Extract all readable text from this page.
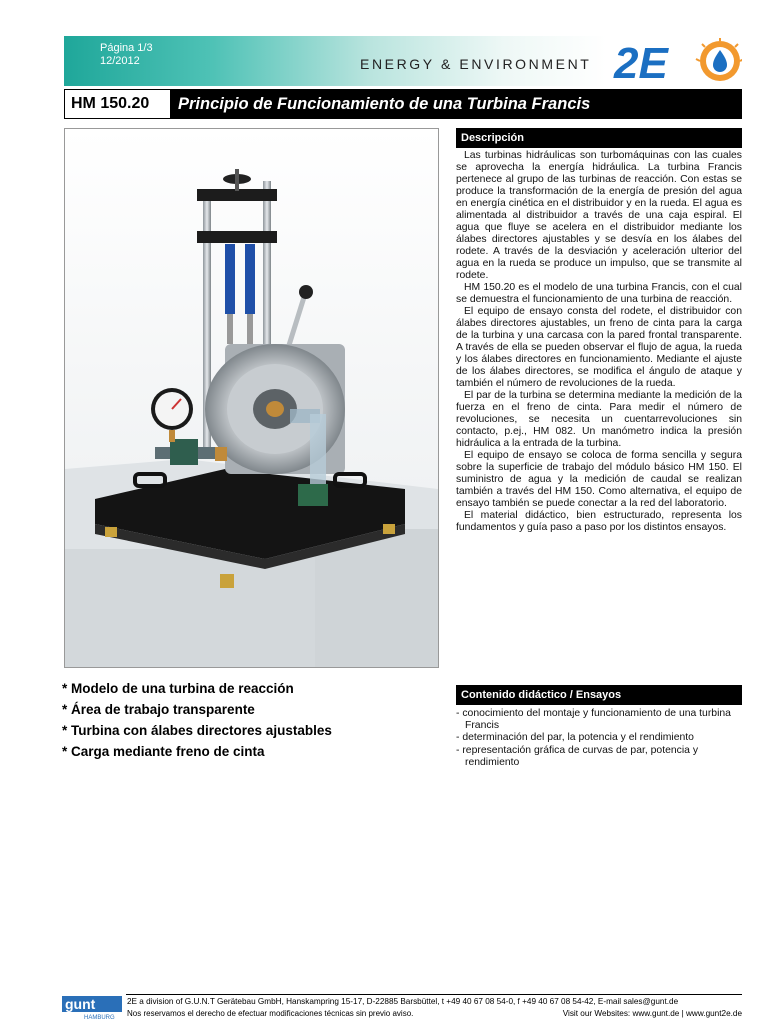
Página 1/3
12/2012	ENERGY & ENVIRONMENT 2E
HM 150.20	Principio de Funcionamiento de una Turbina Francis
* Modelo de una turbina de reacción
* Área de trabajo transparente
* Turbina con álabes directores ajustables
* Carga mediante freno de cinta
Descripción

Las turbinas hidráulicas son turbomáquinas con las cuales se aprovecha la energía hidráulica. La turbina Francis pertenece al grupo de las turbinas de reacción. Con estas se produce la transformación de la energía de presión del agua en energía cinética en el distribuidor y en la rueda. El agua es alimentada al distribuidor a través de una caja espiral. El agua que fluye se acelera en el distribuidor mediante los álabes directores ajustables y se desvía en los álabes del rodete. A través de la desviación y aceleración ulterior del agua en la rueda se produce un impulso, que se transmite al rodete.

HM 150.20 es el modelo de una turbina Francis, con el cual se demuestra el funcionamiento de una turbina de reacción.

El equipo de ensayo consta del rodete, el distribuidor con álabes directores ajustables, un freno de cinta para la carga de la turbina y una carcasa con la pared frontal transparente. A través de ella se pueden observar el flujo de agua, la rueda y los álabes directores en funcionamiento. Mediante el ajuste de los álabes directores, se modifica el ángulo de ataque y también el número de revoluciones de la rueda.

El par de la turbina se determina mediante la medición de la fuerza en el freno de cinta. Para medir el número de revoluciones, se necesita un cuentarrevoluciones sin contacto, p.ej., HM 082. Un manómetro indica la presión hidráulica a la entrada de la turbina.

El equipo de ensayo se coloca de forma sencilla y segura sobre la superficie de trabajo del módulo básico HM 150. El suministro de agua y la medición de caudal se realizan también a través del HM 150. Como alternativa, el equipo de ensayo también se puede conectar a la red del laboratorio.

El material didáctico, bien estructurado, representa los fundamentos y guía paso a paso por los distintos ensayos.

Contenido didáctico / Ensayos
- conocimiento del montaje y funcionamiento de una turbina Francis
- determinación del par, la potencia y el rendimiento
- representación gráfica de curvas de par, potencia y rendimiento
gunt
HAMBURG
2E a division of G.U.N.T Gerätebau GmbH, Hanskampring 15-17, D-22885 Barsbüttel, t +49 40 67 08 54-0, f +49 40 67 08 54-42, E-mail sales@gunt.de
Nos reservamos el derecho de efectuar modificaciones técnicas sin previo aviso.	Visit our Websites: www.gunt.de | www.gunt2e.de
